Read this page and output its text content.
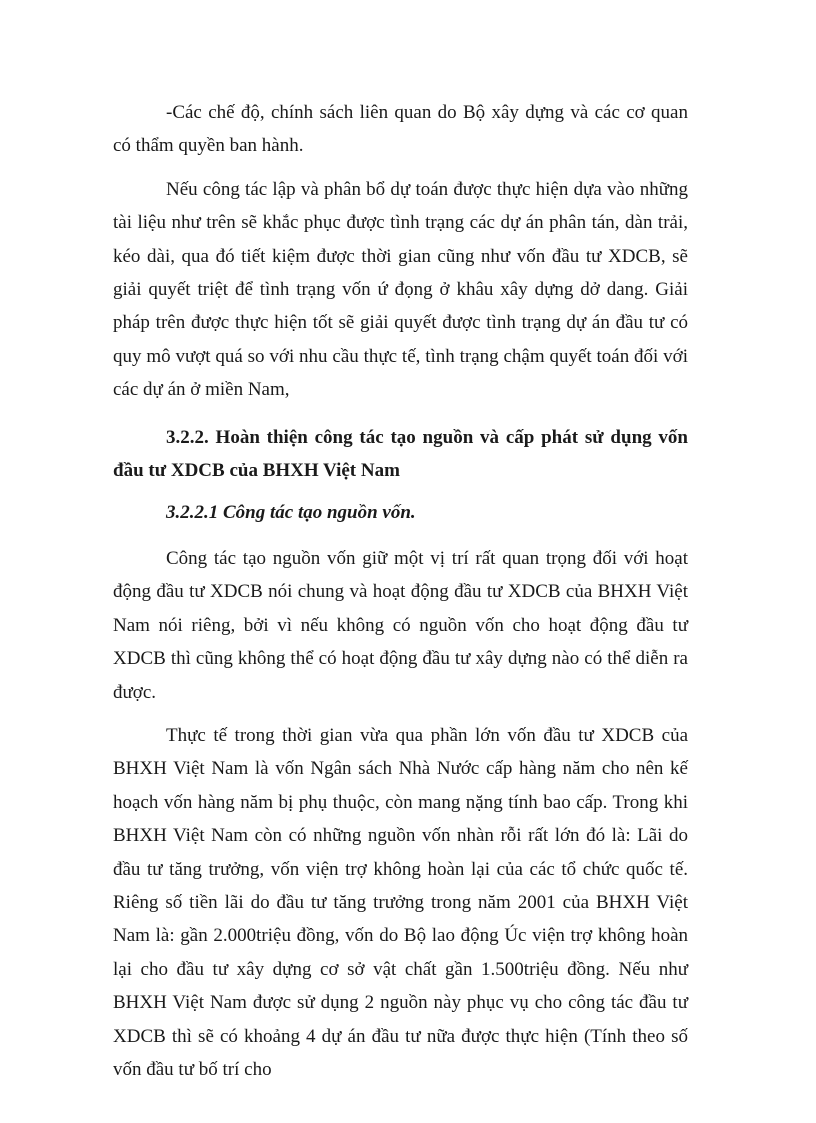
-Các chế độ, chính sách liên quan do Bộ xây dựng và các cơ quan có thẩm quyền ban hành.

Nếu công tác lập và phân bổ dự toán được thực hiện dựa vào những tài liệu như trên sẽ khắc phục được tình trạng các dự án phân tán, dàn trải, kéo dài, qua đó tiết kiệm được thời gian cũng như vốn đầu tư XDCB, sẽ giải quyết triệt để tình trạng vốn ứ đọng ở khâu xây dựng dở dang. Giải pháp trên được thực hiện tốt sẽ giải quyết được tình trạng dự án đầu tư có quy mô vượt quá so với nhu cầu thực tế, tình trạng chậm quyết toán đối với các dự án ở miền Nam,

3.2.2. Hoàn thiện công tác tạo nguồn và cấp phát sử dụng vốn đầu tư XDCB của BHXH Việt Nam

3.2.2.1 Công tác tạo nguồn vốn.

Công tác tạo nguồn vốn giữ một vị trí rất quan trọng đối với hoạt động đầu tư XDCB nói chung và hoạt động đầu tư XDCB của BHXH Việt Nam nói riêng, bởi vì nếu không có nguồn vốn cho hoạt động đầu tư XDCB thì cũng không thể có hoạt động đầu tư xây dựng nào có thể diễn ra được.

Thực tế trong thời gian vừa qua phần lớn vốn đầu tư XDCB của BHXH Việt Nam là vốn Ngân sách Nhà Nước cấp hàng năm cho nên kế hoạch vốn hàng năm bị phụ thuộc, còn mang nặng tính bao cấp. Trong khi BHXH Việt Nam còn có những nguồn vốn nhàn rỗi rất lớn đó là: Lãi do đầu tư tăng trưởng, vốn viện trợ không hoàn lại của các tổ chức quốc tế. Riêng số tiền lãi do đầu tư tăng trưởng trong năm 2001 của BHXH Việt Nam là: gần 2.000triệu đồng, vốn do Bộ lao động Úc viện trợ không hoàn lại cho đầu tư xây dựng cơ sở vật chất gần 1.500triệu đồng. Nếu như BHXH Việt Nam được sử dụng 2 nguồn này phục vụ cho công tác đầu tư XDCB thì sẽ có khoảng 4 dự án đầu tư nữa được thực hiện (Tính theo số vốn đầu tư bố trí cho
